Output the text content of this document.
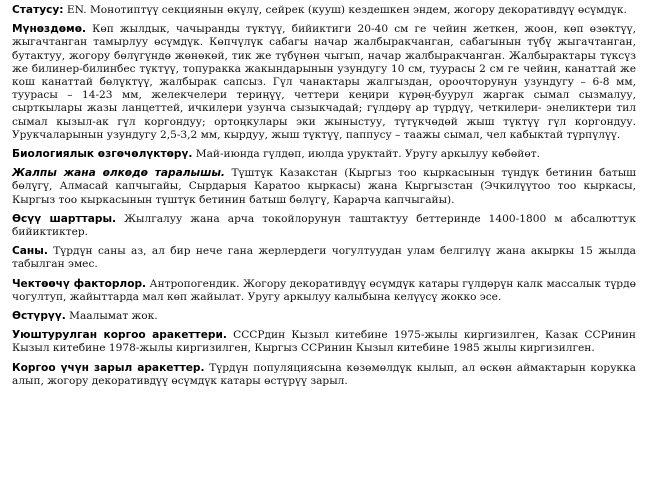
Статусу: EN. Монотиптүү секциянын өкүлү, сейрек (кууш) кездешкен эндем, жогору декоративдүү өсүмдүк.

Мүнөздөмө. Көп жылдык, чачыранды түктүү, бийиктиги 20-40 см ге чейин жеткен, жоон, көп өзөктүү, жыгачтанган тамырлуу өсүмдүк. Көпчүлүк сабагы начар жалбыракчанган, сабагынын түбү жыгачтанган, бутактуу, жогору бөлүгүндө жөнөкөй, тик же түбүнөн чыгып, начар жалбыракчанган. Жалбырактары түксүз же билинер-билинбес түктүү, топуракка жакындарынын узундугу 10 см, туурасы 2 см ге чейин, канаттай же кош канаттай бөлүктүү, жалбырак сапсыз. Гүл чанактары жалгыздан, ороочторунун узундугу – 6-8 мм, туурасы – 14-23 мм, желекчелери териңүү, четтери кеңири күрөң-буурул жаргак сымал сызмалуу, сырткылары жазы ланцеттей, ичкилери узунча сызыкчадай; гүлдөрү ар түрдүү, четкилери- энеликтери тил сымал кызыл-ак гүл коргондуу; ортоңкулары эки жыныстуу, түтүкчөдөй жыш түктүү гүл коргондуу. Урукчаларынын узундугу 2,5-3,2 мм, кырдуу, жыш түктүү, паппусу – таажы сымал, чел кабыктай түрпүлүү.

Биологиялык өзгөчөлүктөрү. Май-июнда гүлдөп, июлда уруктайт. Уругу аркылуу көбөйөт.

Жалпы жана өлкөдө таралышы. Түштүк Казакстан (Кыргыз тоо кыркасынын түндүк бетинин батыш бөлүгү, Алмасай капчыгайы, Сырдарыя Каратоо кыркасы) жана Кыргызстан (Эчкилүүтоо тоо кыркасы, Кыргыз тоо кыркасынын түштүк бетинин батыш бөлүгү, Карарча капчыгайы).

Өсүү шарттары. Жылгалуу жана арча токойлорунун таштактуу беттеринде 1400-1800 м абсалюттук бийиктиктер.

Саны. Түрдүн саны аз, ал бир нече гана жерлердеги чогултуудан улам белгилүү жана акыркы 15 жылда табылган эмес.

Чектөөчү факторлор. Антропогендик. Жогору декоративдүү өсүмдүк катары гүлдөрүн калк массалык түрдө чогултуп, жайыттарда мал көп жайылат. Уругу аркылуу калыбына келүүсү жокко эсе.

Өстүрүү. Маалымат жок.

Уюштурулган коргоо аракеттери. СССРдин Кызыл китебине 1975-жылы киргизилген, Казак ССРинин Кызыл китебине 1978-жылы киргизилген, Кыргыз ССРинин Кызыл китебине 1985 жылы киргизилген.

Коргоо үчүн зарыл аракеттер. Түрдүн популяциясына көзөмөлдүк кылып, ал өскөн аймактарын корукка алып, жогору декоративдүү өсүмдүк катары өстүрүү зарыл.
